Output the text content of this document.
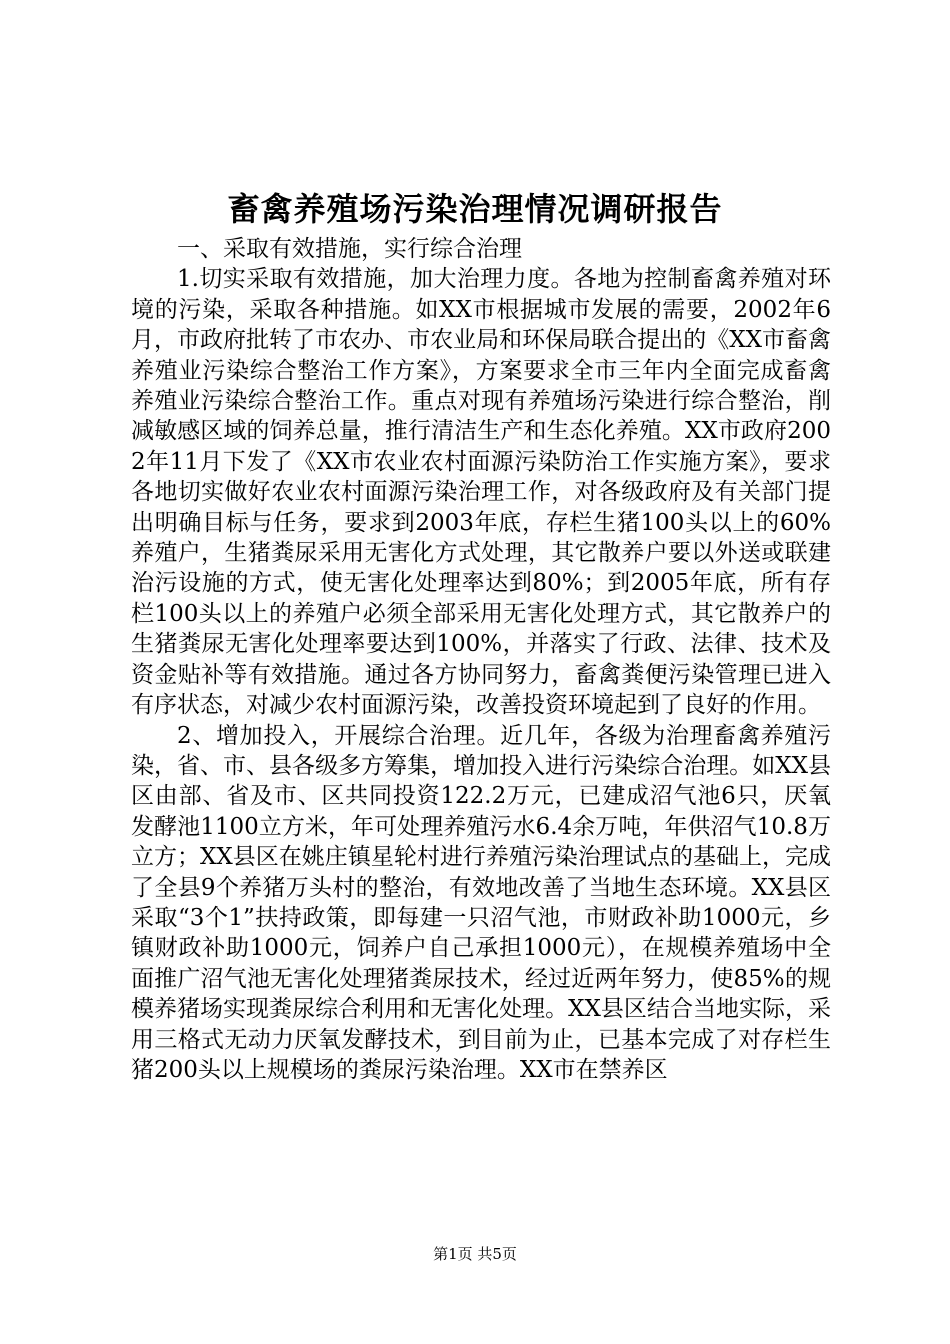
畜禽养殖场污染治理情况调研报告

一、采取有效措施，实行综合治理

1.切实采取有效措施，加大治理力度。各地为控制畜禽养殖对环境的污染，采取各种措施。如XX市根据城市发展的需要，2002年6月，市政府批转了市农办、市农业局和环保局联合提出的《XX市畜禽养殖业污染综合整治工作方案》，方案要求全市三年内全面完成畜禽养殖业污染综合整治工作。重点对现有养殖场污染进行综合整治，削减敏感区域的饲养总量，推行清洁生产和生态化养殖。XX市政府2002年11月下发了《XX市农业农村面源污染防治工作实施方案》，要求各地切实做好农业农村面源污染治理工作，对各级政府及有关部门提出明确目标与任务，要求到2003年底，存栏生猪100头以上的60%养殖户，生猪粪尿采用无害化方式处理，其它散养户要以外送或联建治污设施的方式，使无害化处理率达到80%；到2005年底，所有存栏100头以上的养殖户必须全部采用无害化处理方式，其它散养户的生猪粪尿无害化处理率要达到100%，并落实了行政、法律、技术及资金贴补等有效措施。通过各方协同努力，畜禽粪便污染管理已进入有序状态，对减少农村面源污染，改善投资环境起到了良好的作用。

2、增加投入，开展综合治理。近几年，各级为治理畜禽养殖污染，省、市、县各级多方筹集，增加投入进行污染综合治理。如XX县区由部、省及市、区共同投资122.2万元，已建成沼气池6只，厌氧发酵池1100立方米，年可处理养殖污水6.4余万吨，年供沼气10.8万立方；XX县区在姚庄镇星轮村进行养殖污染治理试点的基础上，完成了全县9个养猪万头村的整治，有效地改善了当地生态环境。XX县区采取“3个1”扶持政策，即每建一只沼气池，市财政补助1000元，乡镇财政补助1000元，饲养户自己承担1000元），在规模养殖场中全面推广沼气池无害化处理猪粪尿技术，经过近两年努力，使85%的规模养猪场实现粪尿综合利用和无害化处理。XX县区结合当地实际，采用三格式无动力厌氧发酵技术，到目前为止，已基本完成了对存栏生猪200头以上规模场的粪尿污染治理。XX市在禁养区

第1页 共5页
